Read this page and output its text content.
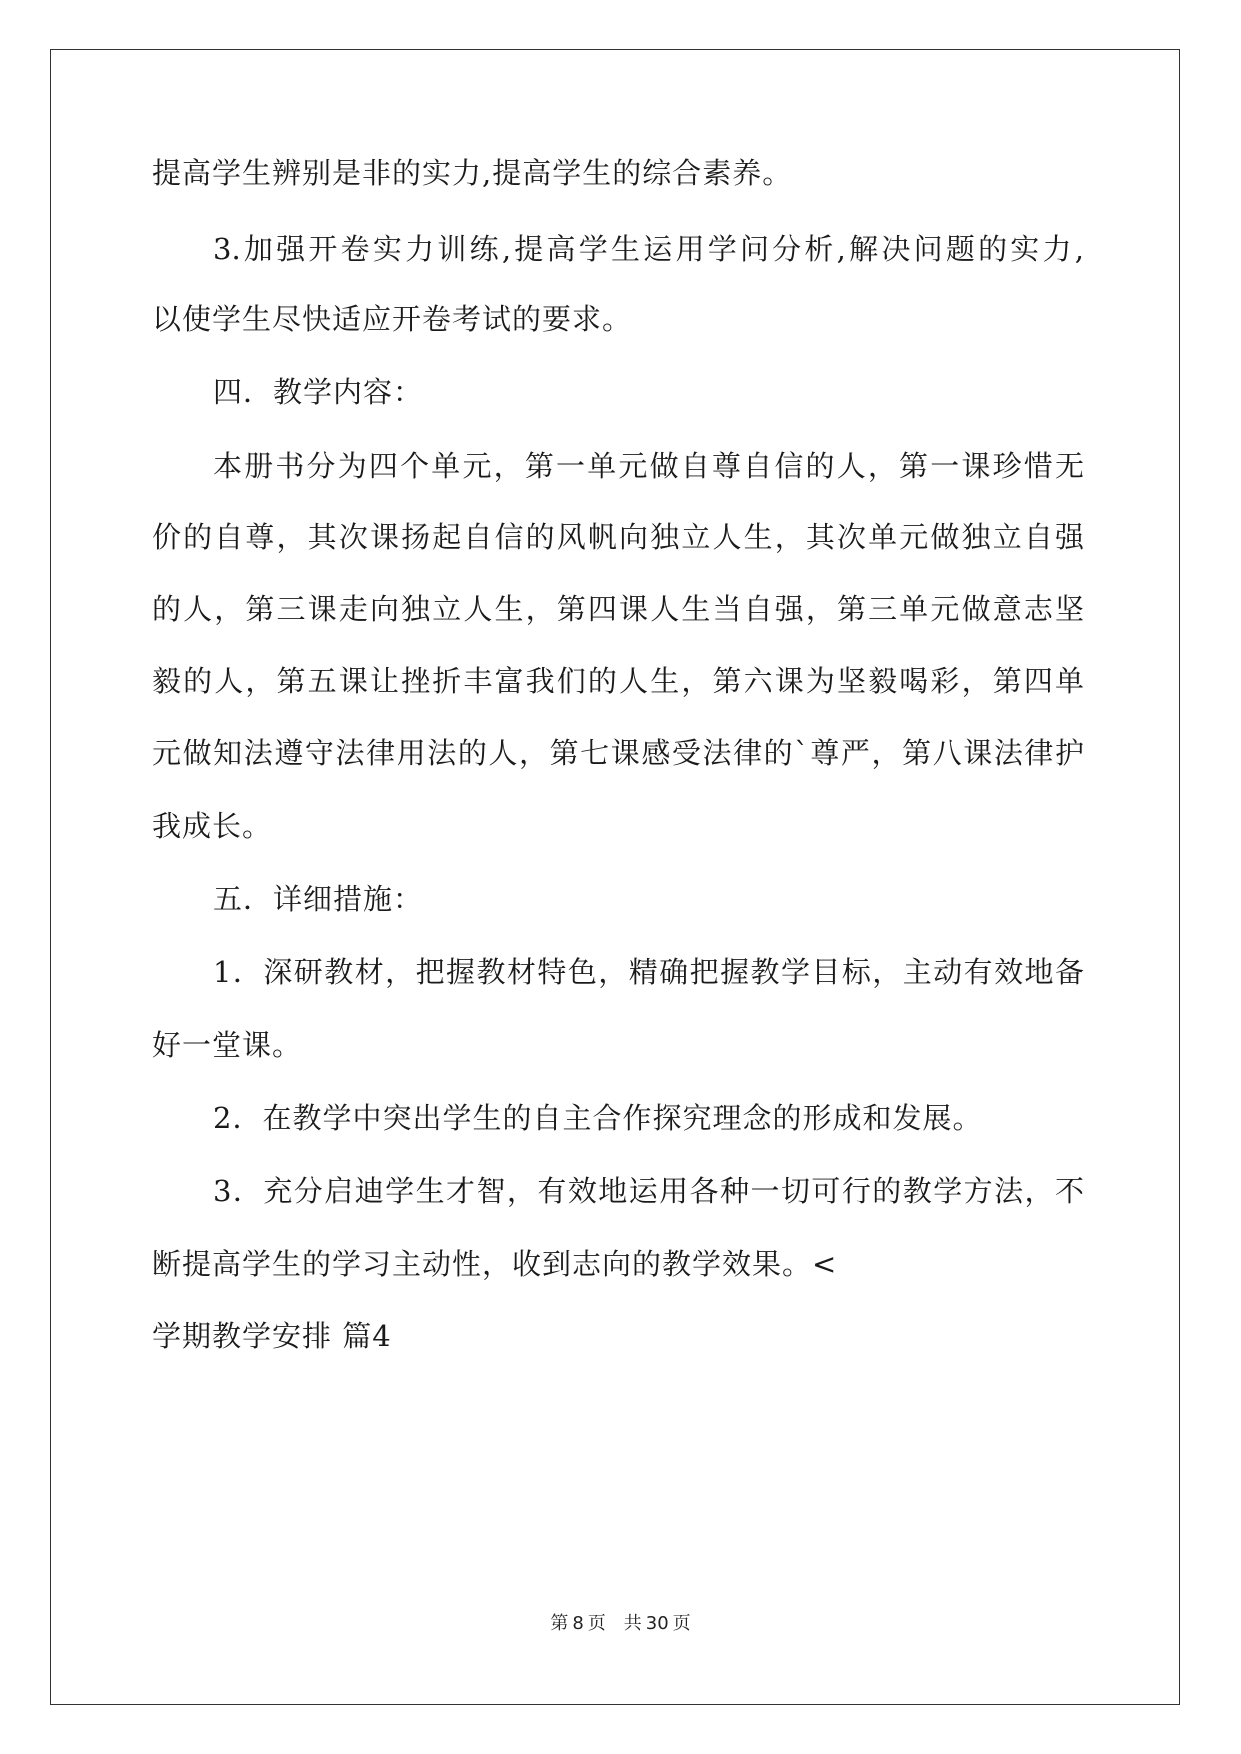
提高学生辨别是非的实力,提高学生的综合素养。
3.加强开卷实力训练,提高学生运用学问分析,解决问题的实力,
以使学生尽快适应开卷考试的要求。
四．教学内容：
本册书分为四个单元，第一单元做自尊自信的人，第一课珍惜无
价的自尊，其次课扬起自信的风帆向独立人生，其次单元做独立自强
的人，第三课走向独立人生，第四课人生当自强，第三单元做意志坚
毅的人，第五课让挫折丰富我们的人生，第六课为坚毅喝彩，第四单
元做知法遵守法律用法的人，第七课感受法律的`尊严，第八课法律护
我成长。
五．详细措施：
1．深研教材，把握教材特色，精确把握教学目标，主动有效地备
好一堂课。
2．在教学中突出学生的自主合作探究理念的形成和发展。
3．充分启迪学生才智，有效地运用各种一切可行的教学方法，不
断提高学生的学习主动性，收到志向的教学效果。<
学期教学安排 篇4
第 8 页　共 30 页
